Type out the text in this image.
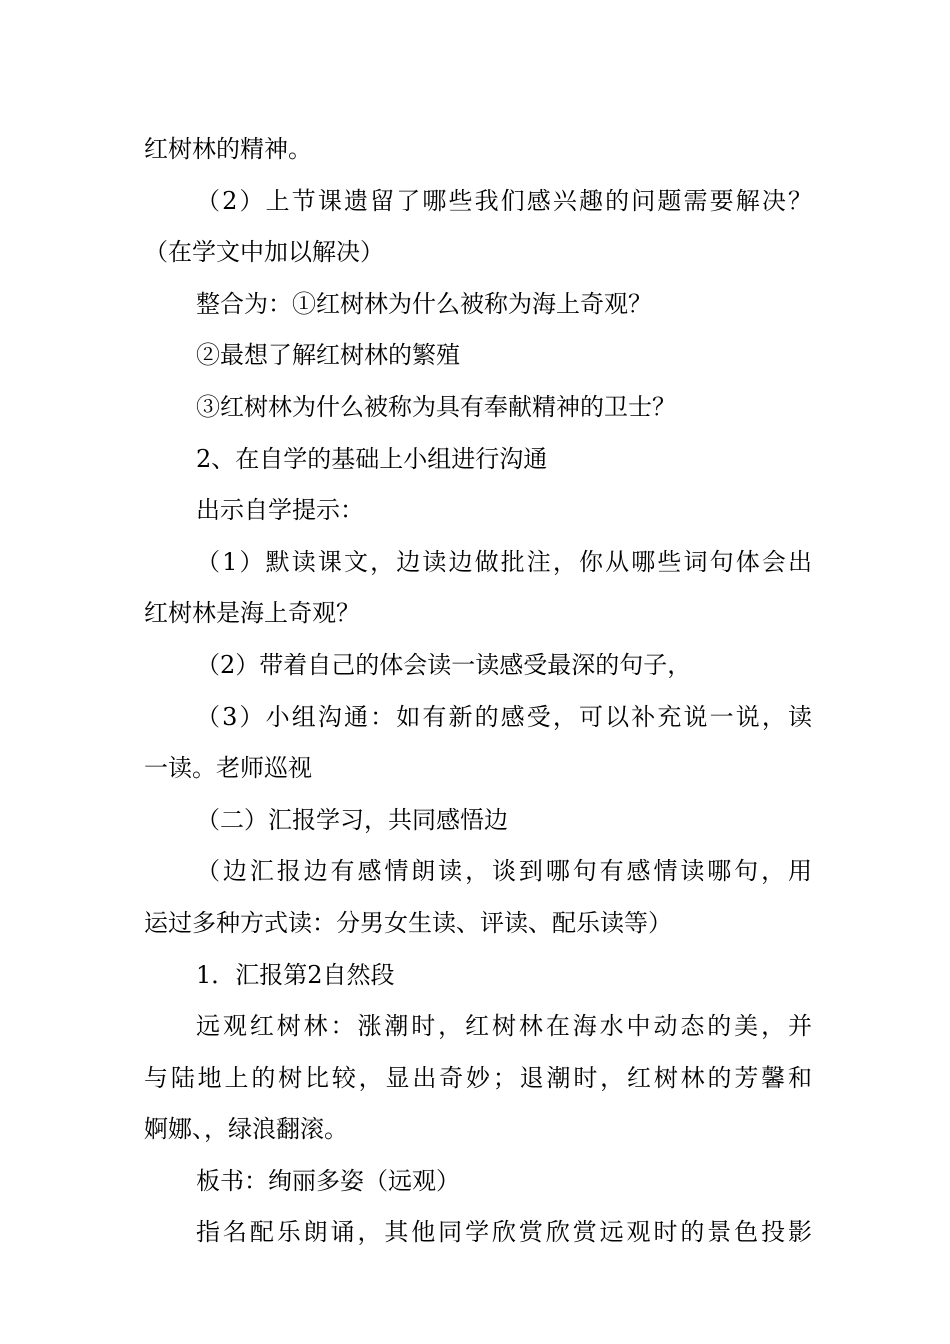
红树林的精神。
（2）上节课遗留了哪些我们感兴趣的问题需要解决？
（在学文中加以解决）
整合为：①红树林为什么被称为海上奇观？
②最想了解红树林的繁殖
③红树林为什么被称为具有奉献精神的卫士？
2、在自学的基础上小组进行沟通
出示自学提示：
（1）默读课文，边读边做批注，你从哪些词句体会出
红树林是海上奇观？
（2）带着自己的体会读一读感受最深的句子，
（3）小组沟通：如有新的感受，可以补充说一说，读
一读。老师巡视
（二）汇报学习，共同感悟边
（边汇报边有感情朗读，谈到哪句有感情读哪句，用
运过多种方式读：分男女生读、评读、配乐读等）
1．汇报第2自然段
远观红树林：涨潮时，红树林在海水中动态的美，并
与陆地上的树比较，显出奇妙；退潮时，红树林的芳馨和
婀娜、，绿浪翻滚。
板书：绚丽多姿（远观）
指名配乐朗诵，其他同学欣赏欣赏远观时的景色投影
